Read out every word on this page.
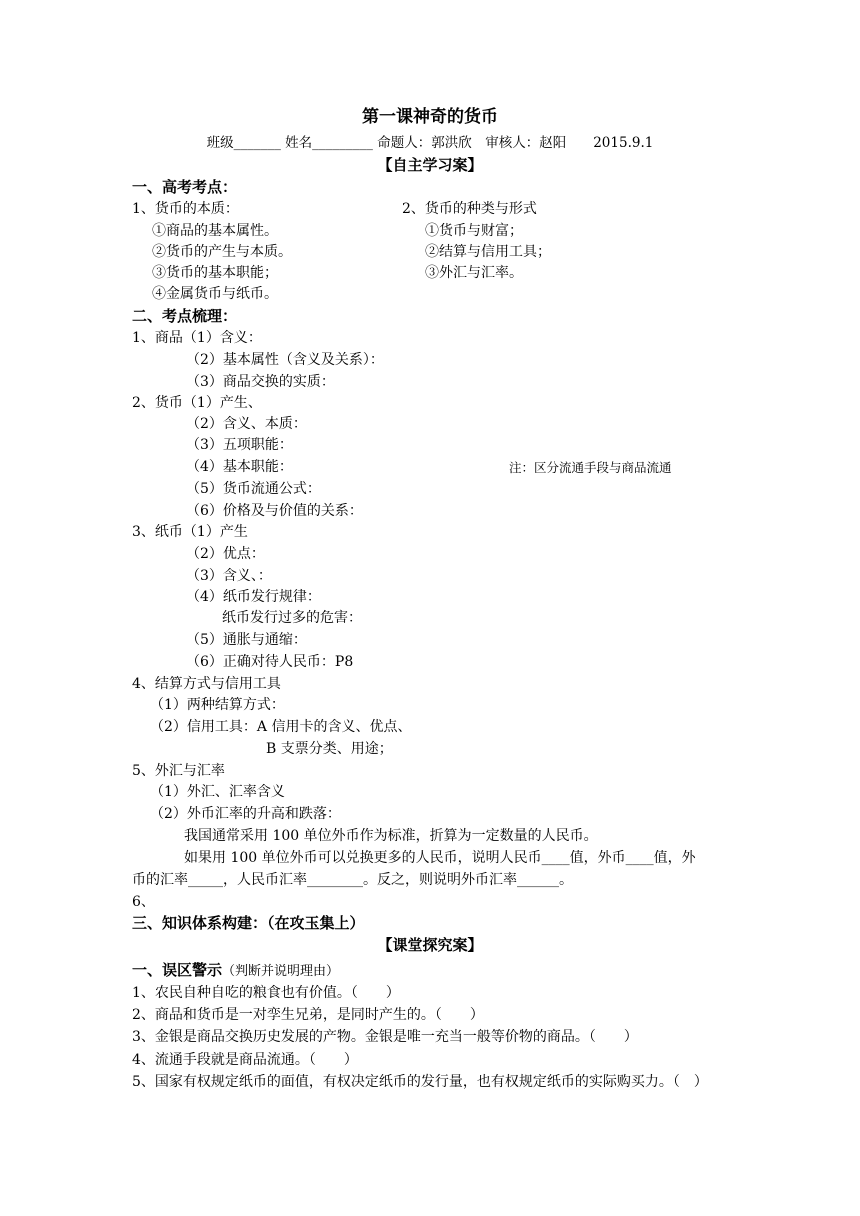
第一课神奇的货币
班级_______ 姓名_________ 命题人：郭洪欣　审核人：赵阳　　2015.9.1
【自主学习案】
一、高考考点：
1、货币的本质：
①商品的基本属性。
②货币的产生与本质。
③货币的基本职能；
④金属货币与纸币。
2、货币的种类与形式
①货币与财富；
②结算与信用工具；
③外汇与汇率。
二、考点梳理：
1、商品（1）含义：
（2）基本属性（含义及关系）：
（3）商品交换的实质：
2、货币（1）产生、
（2）含义、本质：
（3）五项职能：
（4）基本职能：	注：区分流通手段与商品流通
（5）货币流通公式：
（6）价格及与价值的关系：
3、纸币（1）产生
（2）优点：
（3）含义、：
（4）纸币发行规律：
纸币发行过多的危害：
（5）通胀与通缩：
（6）正确对待人民币：P8
4、结算方式与信用工具
（1）两种结算方式：
（2）信用工具：A 信用卡的含义、优点、
B 支票分类、用途；
5、外汇与汇率
（1）外汇、汇率含义
（2）外币汇率的升高和跌落：
我国通常采用 100 单位外币作为标准，折算为一定数量的人民币。
如果用 100 单位外币可以兑换更多的人民币，说明人民币____值，外币____值，外
币的汇率_____，人民币汇率________。反之，则说明外币汇率______。
6、
三、知识体系构建：（在攻玉集上）
【课堂探究案】
一、误区警示（判断并说明理由）
1、农民自种自吃的粮食也有价值。（　　）
2、商品和货币是一对孪生兄弟，是同时产生的。（　　）
3、金银是商品交换历史发展的产物。金银是唯一充当一般等价物的商品。（　　）
4、流通手段就是商品流通。（　　）
5、国家有权规定纸币的面值，有权决定纸币的发行量，也有权规定纸币的实际购买力。（　）
